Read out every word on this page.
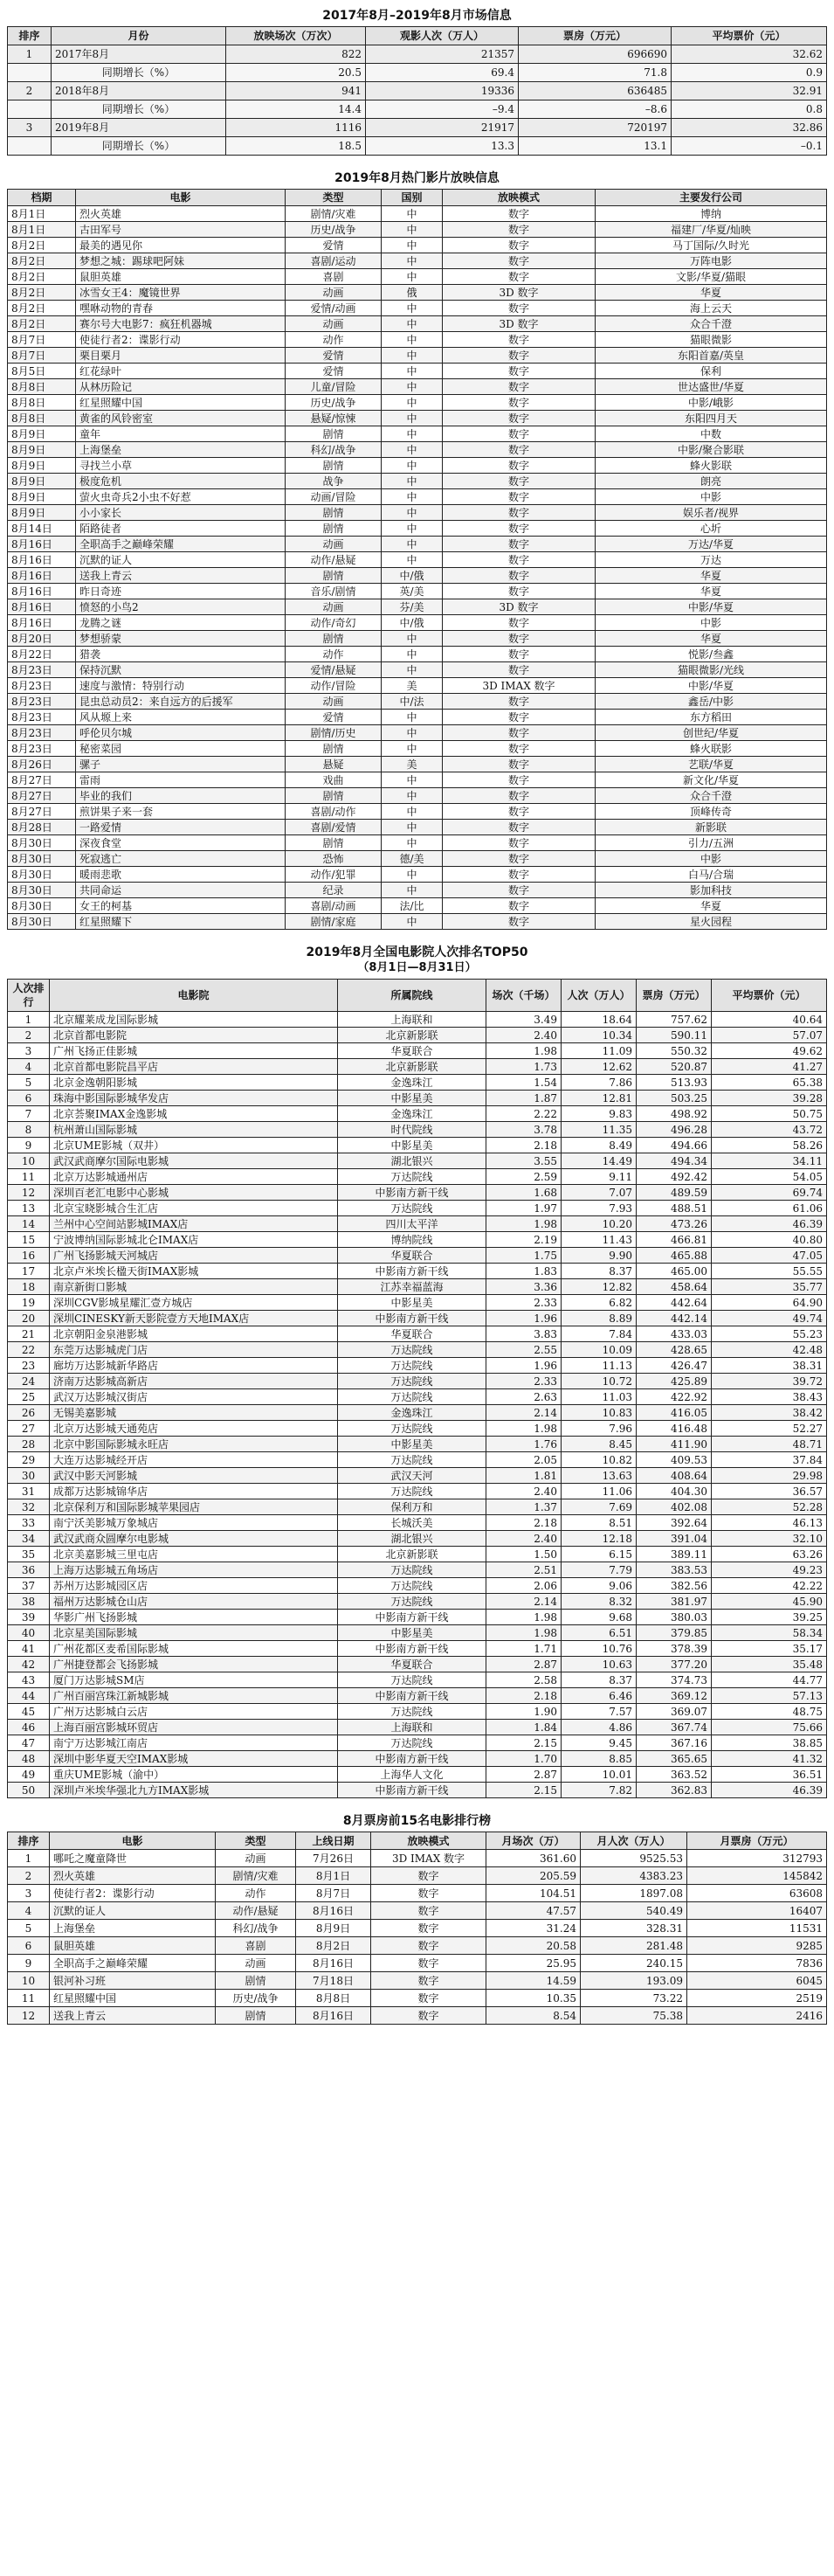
2017年8月–2019年8月市场信息
排序	月份	放映场次（万次）	观影人次（万人）	票房（万元）	平均票价（元）
1	2017年8月	822	21357	696690	32.62
	同期增长（%）	20.5	69.4	71.8	0.9
2	2018年8月	941	19336	636485	32.91
	同期增长（%）	14.4	–9.4	–8.6	0.8
3	2019年8月	1116	21917	720197	32.86
	同期增长（%）	18.5	13.3	13.1	–0.1
2019年8月热门影片放映信息
档期	电影	类型	国别	放映模式	主要发行公司
8月1日	烈火英雄	剧情/灾难	中	数字	博纳
8月1日	古田军号	历史/战争	中	数字	福建厂/华夏/灿映
8月2日	最美的遇见你	爱情	中	数字	马丁国际/久时光
8月2日	梦想之城：踢球吧阿妹	喜剧/运动	中	数字	万阵电影
8月2日	鼠胆英雄	喜剧	中	数字	文影/华夏/猫眼
8月2日	冰雪女王4：魔镜世界	动画	俄	3D 数字	华夏
8月2日	嘿咻动物的青春	爱情/动画	中	数字	海上云天
8月2日	赛尔号大电影7：疯狂机器城	动画	中	3D 数字	众合千澄
8月7日	使徒行者2：谍影行动	动作	中	数字	猫眼微影
8月7日	栗目栗月	爱情	中	数字	东阳首嘉/英皇
8月5日	红花绿叶	爱情	中	数字	保利
8月8日	从林历险记	儿童/冒险	中	数字	世达盛世/华夏
8月8日	红星照耀中国	历史/战争	中	数字	中影/峨影
8月8日	黄雀的风铃密室	悬疑/惊悚	中	数字	东阳四月天
8月9日	童年	剧情	中	数字	中数
8月9日	上海堡垒	科幻/战争	中	数字	中影/聚合影联
8月9日	寻找兰小草	剧情	中	数字	蜂火影联
8月9日	极度危机	战争	中	数字	朗亮
8月9日	萤火虫奇兵2小虫不好惹	动画/冒险	中	数字	中影
8月9日	小小家长	剧情	中	数字	娱乐者/视界
8月14日	陌路徒者	剧情	中	数字	心圻
8月16日	全职高手之巅峰荣耀	动画	中	数字	万达/华夏
8月16日	沉默的证人	动作/悬疑	中	数字	万达
8月16日	送我上青云	剧情	中/俄	数字	华夏
8月16日	昨日奇迹	音乐/剧情	英/美	数字	华夏
8月16日	愤怒的小鸟2	动画	芬/美	3D 数字	中影/华夏
8月16日	龙腾之谜	动作/奇幻	中/俄	数字	中影
8月20日	梦想骄蒙	剧情	中	数字	华夏
8月22日	猎袭	动作	中	数字	悦影/叁鑫
8月23日	保持沉默	爱情/悬疑	中	数字	猫眼微影/光线
8月23日	速度与激情：特别行动	动作/冒险	美	3D IMAX 数字	中影/华夏
8月23日	昆虫总动员2：来自远方的后援军	动画	中/法	数字	鑫岳/中影
8月23日	风从塬上来	爱情	中	数字	东方稻田
8月23日	呼伦贝尔城	剧情/历史	中	数字	创世纪/华夏
8月23日	秘密菜园	剧情	中	数字	蜂火联影
8月26日	骡子	悬疑	美	数字	艺联/华夏
8月27日	雷雨	戏曲	中	数字	新文化/华夏
8月27日	毕业的我们	剧情	中	数字	众合千澄
8月27日	煎饼果子来一套	喜剧/动作	中	数字	顶峰传奇
8月28日	一路爱情	喜剧/爱情	中	数字	新影联
8月30日	深夜食堂	剧情	中	数字	引力/五洲
8月30日	死寂逃亡	恐怖	德/美	数字	中影
8月30日	暖雨悲歌	动作/犯罪	中	数字	白马/合瑞
8月30日	共同命运	纪录	中	数字	影加科技
8月30日	女王的柯基	喜剧/动画	法/比	数字	华夏
8月30日	红星照耀下	剧情/家庭	中	数字	星火园程
2019年8月全国电影院人次排名TOP50
（8月1日—8月31日）
人次排行	电影院	所属院线	场次（千场）	人次（万人）	票房（万元）	平均票价（元）
1	北京耀莱成龙国际影城	上海联和	3.49	18.64	757.62	40.64
2	北京首都电影院	北京新影联	2.40	10.34	590.11	57.07
3	广州飞扬正佳影城	华夏联合	1.98	11.09	550.32	49.62
4	北京首都电影院昌平店	北京新影联	1.73	12.62	520.87	41.27
5	北京金逸朝阳影城	金逸珠江	1.54	7.86	513.93	65.38
6	珠海中影国际影城华发店	中影星美	1.87	12.81	503.25	39.28
7	北京荟聚IMAX金逸影城	金逸珠江	2.22	9.83	498.92	50.75
8	杭州萧山国际影城	时代院线	3.78	11.35	496.28	43.72
9	北京UME影城（双井）	中影星美	2.18	8.49	494.66	58.26
10	武汉武商摩尔国际电影城	湖北银兴	3.55	14.49	494.34	34.11
11	北京万达影城通州店	万达院线	2.59	9.11	492.42	54.05
12	深圳百老汇电影中心影城	中影南方新干线	1.68	7.07	489.59	69.74
13	北京宝晓影城合生汇店	万达院线	1.97	7.93	488.51	61.06
14	兰州中心空间站影城IMAX店	四川太平洋	1.98	10.20	473.26	46.39
15	宁波博纳国际影城北仑IMAX店	博纳院线	2.19	11.43	466.81	40.80
16	广州飞扬影城天河城店	华夏联合	1.75	9.90	465.88	47.05
17	北京卢米埃长楹天街IMAX影城	中影南方新干线	1.83	8.37	465.00	55.55
18	南京新街口影城	江苏幸福蓝海	3.36	12.82	458.64	35.77
19	深圳CGV影城星耀汇壹方城店	中影星美	2.33	6.82	442.64	64.90
20	深圳CINESKY新天影院壹方天地IMAX店	中影南方新干线	1.96	8.89	442.14	49.74
21	北京朝阳金泉港影城	华夏联合	3.83	7.84	433.03	55.23
22	东莞万达影城虎门店	万达院线	2.55	10.09	428.65	42.48
23	廊坊万达影城新华路店	万达院线	1.96	11.13	426.47	38.31
24	济南万达影城高新店	万达院线	2.33	10.72	425.89	39.72
25	武汉万达影城汉街店	万达院线	2.63	11.03	422.92	38.43
26	无锡美嘉影城	金逸珠江	2.14	10.83	416.05	38.42
27	北京万达影城天通苑店	万达院线	1.98	7.96	416.48	52.27
28	北京中影国际影城永旺店	中影星美	1.76	8.45	411.90	48.71
29	大连万达影城经开店	万达院线	2.05	10.82	409.53	37.84
30	武汉中影天河影城	武汉天河	1.81	13.63	408.64	29.98
31	成都万达影城锦华店	万达院线	2.40	11.06	404.30	36.57
32	北京保利万和国际影城苹果园店	保利万和	1.37	7.69	402.08	52.28
33	南宁沃美影城万象城店	长城沃美	2.18	8.51	392.64	46.13
34	武汉武商众圆摩尔电影城	湖北银兴	2.40	12.18	391.04	32.10
35	北京美嘉影城三里屯店	北京新影联	1.50	6.15	389.11	63.26
36	上海万达影城五角场店	万达院线	2.51	7.79	383.53	49.23
37	苏州万达影城园区店	万达院线	2.06	9.06	382.56	42.22
38	福州万达影城仓山店	万达院线	2.14	8.32	381.97	45.90
39	华影广州飞扬影城	中影南方新干线	1.98	9.68	380.03	39.25
40	北京星美国际影城	中影星美	1.98	6.51	379.85	58.34
41	广州花都区麦希国际影城	中影南方新干线	1.71	10.76	378.39	35.17
42	广州捷登都会飞扬影城	华夏联合	2.87	10.63	377.20	35.48
43	厦门万达影城SM店	万达院线	2.58	8.37	374.73	44.77
44	广州百丽宫珠江新城影城	中影南方新干线	2.18	6.46	369.12	57.13
45	广州万达影城白云店	万达院线	1.90	7.57	369.07	48.75
46	上海百丽宫影城环贸店	上海联和	1.84	4.86	367.74	75.66
47	南宁万达影城江南店	万达院线	2.15	9.45	367.16	38.85
48	深圳中影华夏天空IMAX影城	中影南方新干线	1.70	8.85	365.65	41.32
49	重庆UME影城（渝中）	上海华人文化	2.87	10.01	363.52	36.51
50	深圳卢米埃华强北九方IMAX影城	中影南方新干线	2.15	7.82	362.83	46.39
8月票房前15名电影排行榜
排序	电影	类型	上线日期	放映模式	月场次（万）	月人次（万人）	月票房（万元）
1	哪吒之魔童降世	动画	7月26日	3D IMAX 数字	361.60	9525.53	312793
2	烈火英雄	剧情/灾难	8月1日	数字	205.59	4383.23	145842
3	使徒行者2：谍影行动	动作	8月7日	数字	104.51	1897.08	63608
4	沉默的证人	动作/悬疑	8月16日	数字	47.57	540.49	16407
5	上海堡垒	科幻/战争	8月9日	数字	31.24	328.31	11531
6	鼠胆英雄	喜剧	8月2日	数字	20.58	281.48	9285
9	全职高手之巅峰荣耀	动画	8月16日	数字	25.95	240.15	7836
10	银河补习班	剧情	7月18日	数字	14.59	193.09	6045
11	红星照耀中国	历史/战争	8月8日	数字	10.35	73.22	2519
12	送我上青云	剧情	8月16日	数字	8.54	75.38	2416
